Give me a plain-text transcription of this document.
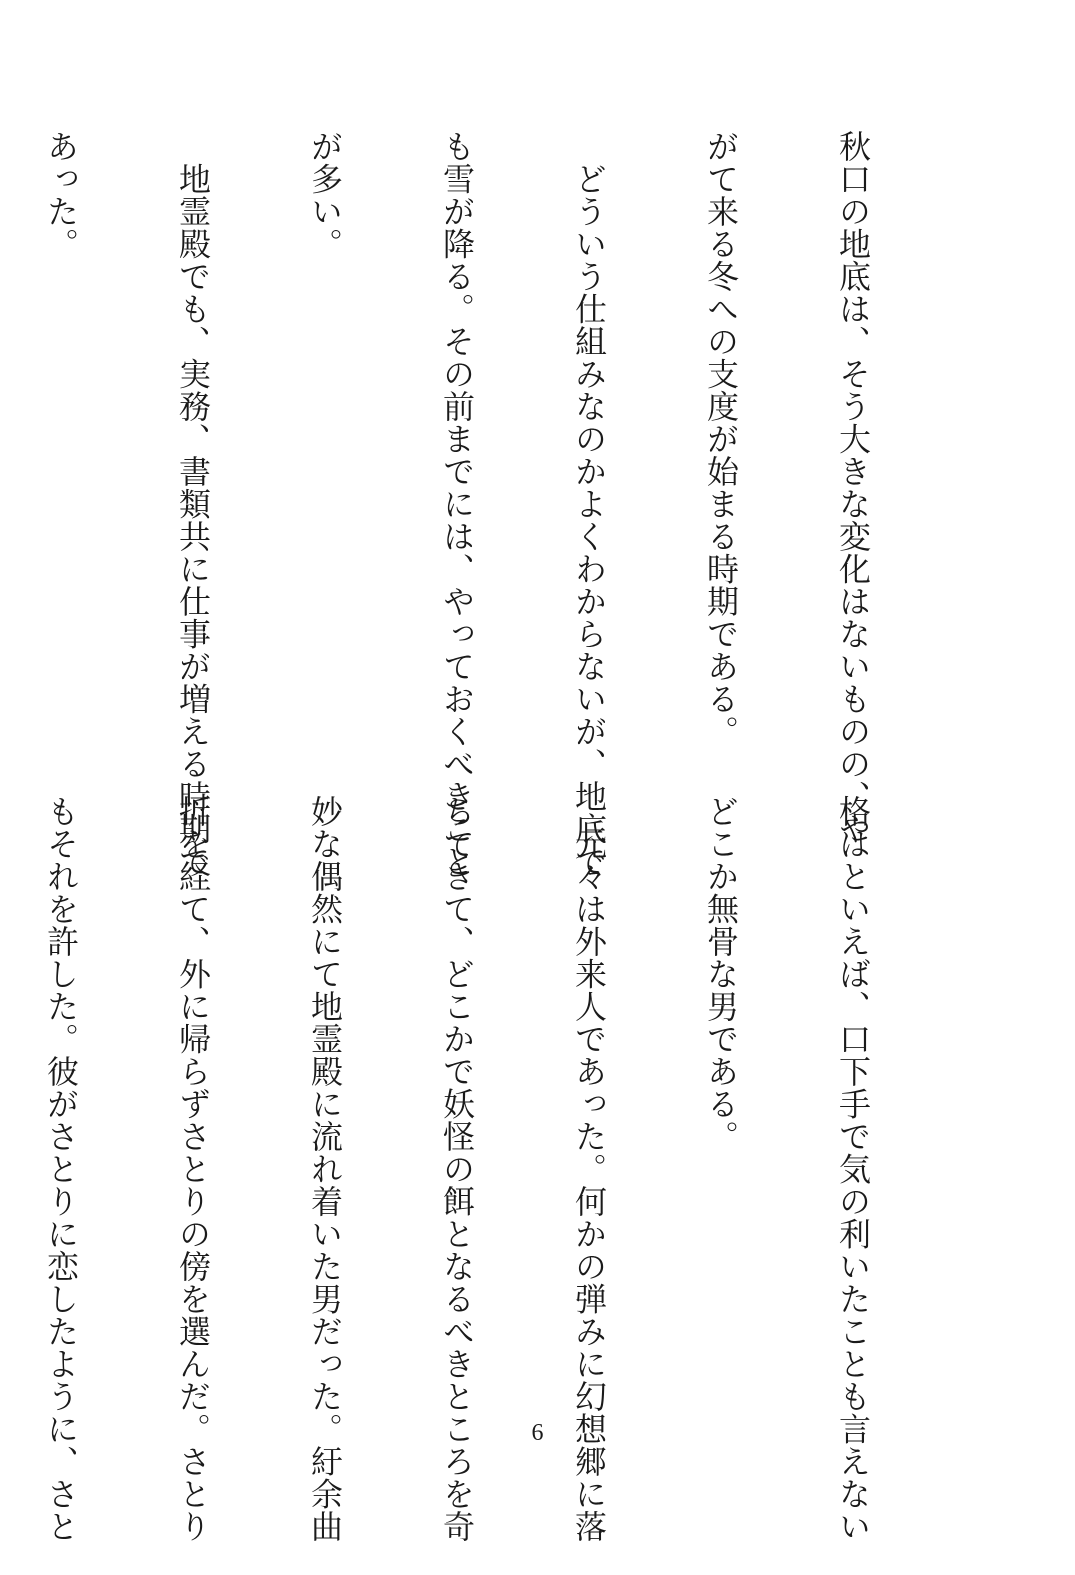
秋口の地底は、そう大きな変化はないものの、や

がて来る冬への支度が始まる時期である。

　どういう仕組みなのかよくわからないが、地底で

も雪が降る。その前までには、やっておくべきこと

が多い。

　地霊殿でも、実務、書類共に仕事が増える時期で

あった。

格はといえば、口下手で気の利いたことも言えない

どこか無骨な男である。

　元々は外来人であった。何かの弾みに幻想郷に落

ちてきて、どこかで妖怪の餌となるべきところを奇

妙な偶然にて地霊殿に流れ着いた男だった。紆余曲

折を経て、外に帰らずさとりの傍を選んだ。さとり

もそれを許した。彼がさとりに恋したように、さと

	6
